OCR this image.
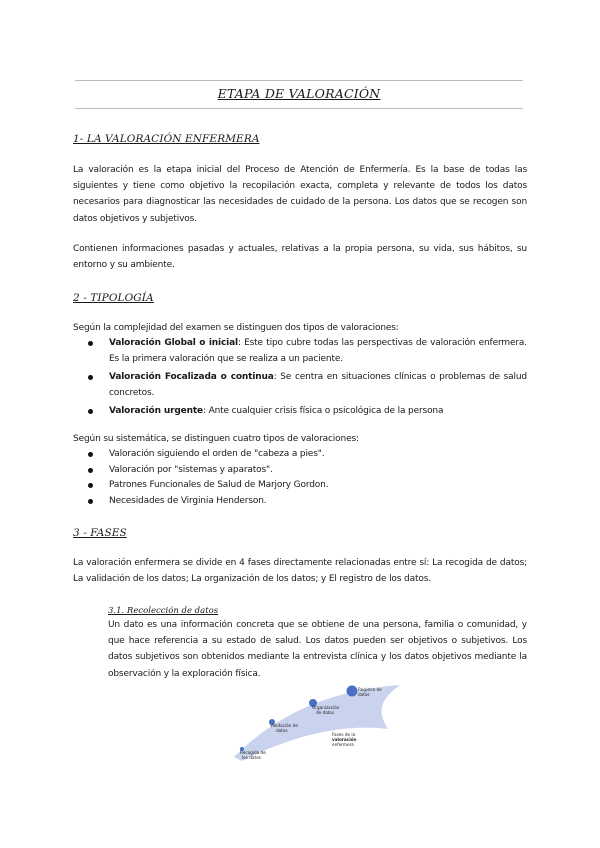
ETAPA DE VALORACIÓN
1- LA VALORACIÓN ENFERMERA

La valoración es la etapa inicial del Proceso de Atención de Enfermería. Es la base de todas las siguientes y tiene como objetivo la recopilación exacta, completa y relevante de todos los datos necesarios para diagnosticar las necesidades de cuidado de la persona. Los datos que se recogen son datos objetivos y subjetivos.

Contienen informaciones pasadas y actuales, relativas a la propia persona, su vida, sus hábitos, su entorno y su ambiente.

2 - TIPOLOGÍA

Según la complejidad del examen se distinguen dos tipos de valoraciones:

Valoración Global o inicial: Este tipo cubre todas las perspectivas de valoración enfermera. Es la primera valoración que se realiza a un paciente.
Valoración Focalizada o continua: Se centra en situaciones clínicas o problemas de salud concretos.
Valoración urgente: Ante cualquier crisis física o psicológica de la persona

Según su sistemática, se distinguen cuatro tipos de valoraciones:

Valoración siguiendo el orden de "cabeza a pies".
Valoración por "sistemas y aparatos".
Patrones Funcionales de Salud de Marjory Gordon.
Necesidades de Virginia Henderson.
3 - FASES

La valoración enfermera se divide en 4 fases directamente relacionadas entre sí: La recogida de datos; La validación de los datos; La organización de los datos; y El registro de los datos.

3.1. Recolección de datos

Un dato es una información concreta que se obtiene de una persona, familia o comunidad, y que hace referencia a su estado de salud. Los datos pueden ser objetivos o subjetivos. Los datos subjetivos son obtenidos mediante la entrevista clínica y los datos objetivos mediante la observación y la exploración física.

Recogida de
los datos
Validación de
datos
Organización
de datos
Registro de
datos
Fases de la
valoración
enfermera
